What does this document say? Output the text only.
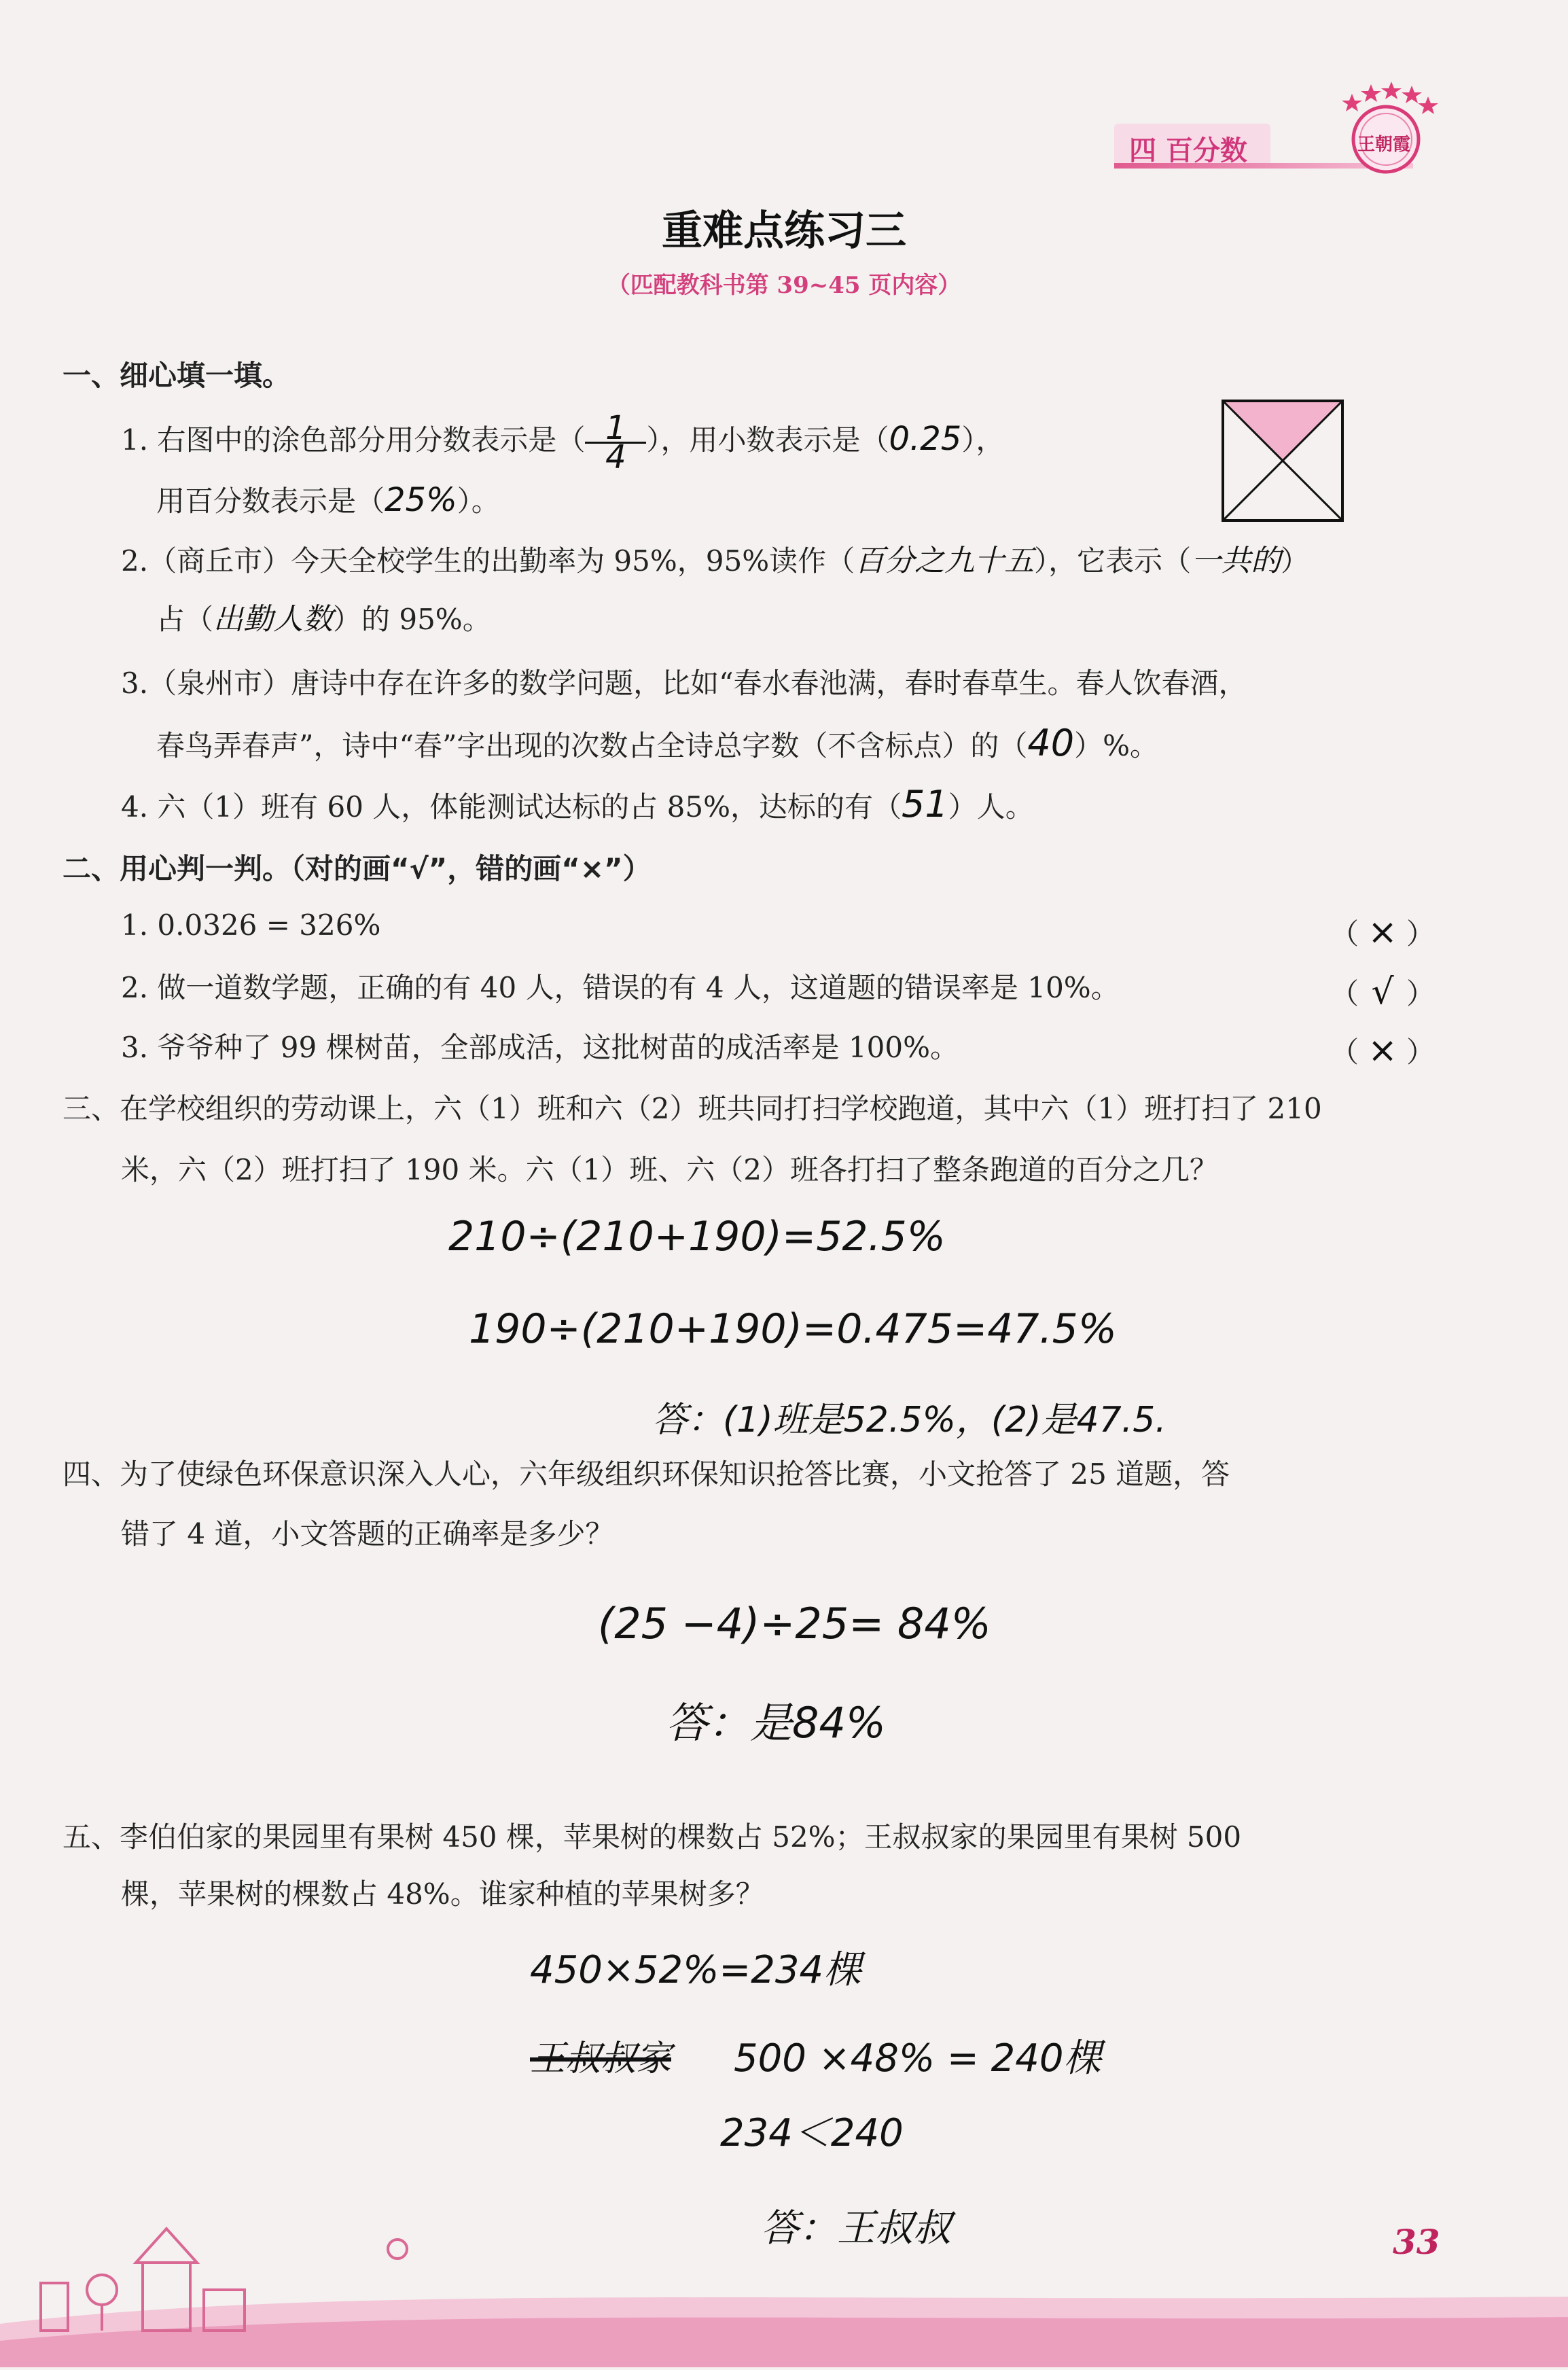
四 百分数	王朝霞
重难点练习三
（匹配教科书第 39~45 页内容）
一、细心填一填。
1. 右图中的涂色部分用分数表示是（ $\frac{1}{4}$ ），用小数表示是（0.25），
用百分数表示是（25%）。
2.（商丘市）今天全校学生的出勤率为 95%，95%读作（百分之九十五），它表示（一共的）
占（出勤人数）的 95%。
3.（泉州市）唐诗中存在许多的数学问题，比如“春水春池满，春时春草生。春人饮春酒，
春鸟弄春声”，诗中“春”字出现的次数占全诗总字数（不含标点）的（40）%。
4. 六（1）班有 60 人，体能测试达标的占 85%，达标的有（51）人。
二、用心判一判。（对的画“√”，错的画“×”）
1. 0.0326 = 326%	（ × ）
2. 做一道数学题，正确的有 40 人，错误的有 4 人，这道题的错误率是 10%。	（ √ ）
3. 爷爷种了 99 棵树苗，全部成活，这批树苗的成活率是 100%。	（ × ）
三、在学校组织的劳动课上，六（1）班和六（2）班共同打扫学校跑道，其中六（1）班打扫了 210
米，六（2）班打扫了 190 米。六（1）班、六（2）班各打扫了整条跑道的百分之几？
210÷(210+190)=52.5%
190÷(210+190)=0.475=47.5%
答：(1)班是52.5%，(2)是47.5.
四、为了使绿色环保意识深入人心，六年级组织环保知识抢答比赛，小文抢答了 25 道题，答
错了 4 道，小文答题的正确率是多少？
(25 −4)÷25= 84%
答：是84%
五、李伯伯家的果园里有果树 450 棵，苹果树的棵数占 52%；王叔叔家的果园里有果树 500
棵，苹果树的棵数占 48%。谁家种植的苹果树多？
450×52%=234棵
王叔叔家 500 ×48% = 240棵
234＜240
答：王叔叔	33
